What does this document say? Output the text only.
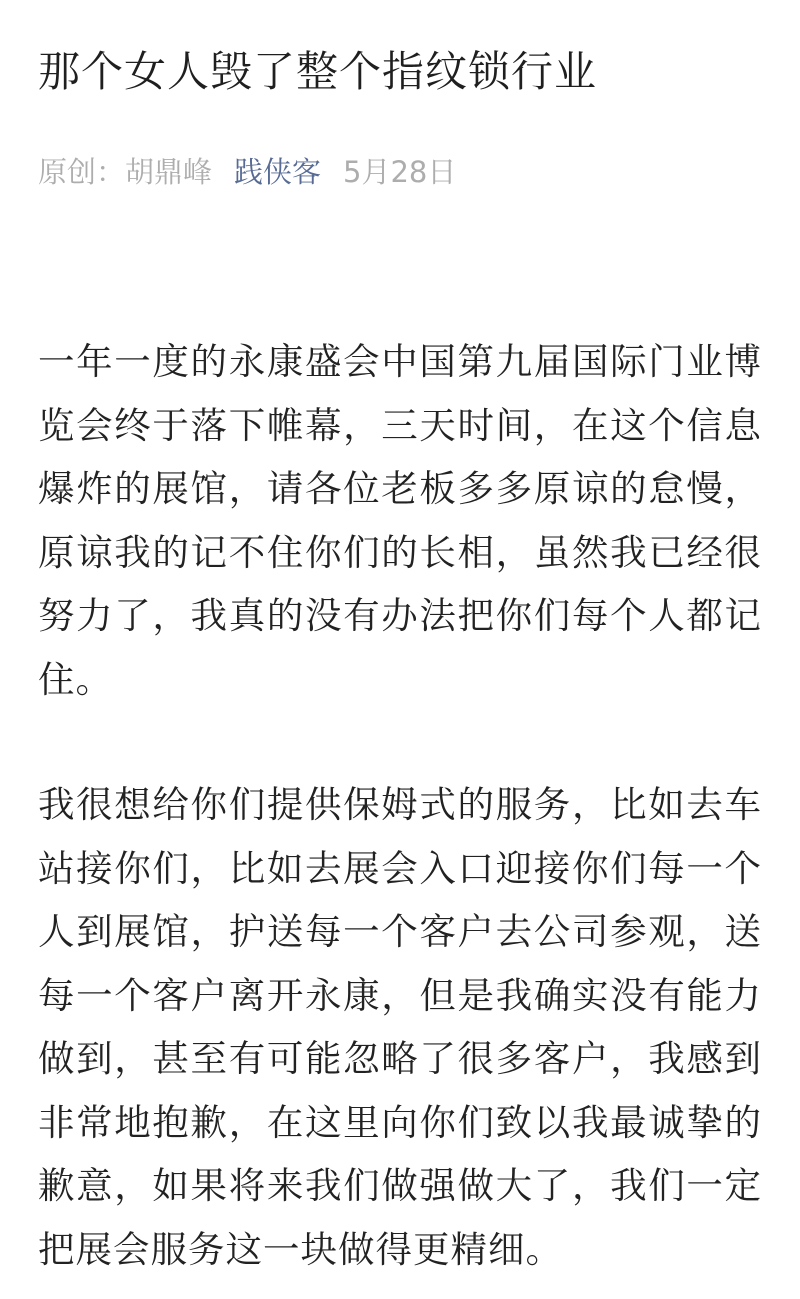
那个女人毁了整个指纹锁行业
原创：胡鼎峰 践侠客 5月28日

一年一度的永康盛会中国第九届国际门业博览会终于落下帷幕，三天时间，在这个信息爆炸的展馆，请各位老板多多原谅的怠慢，原谅我的记不住你们的长相，虽然我已经很努力了，我真的没有办法把你们每个人都记住。

我很想给你们提供保姆式的服务，比如去车站接你们，比如去展会入口迎接你们每一个人到展馆，护送每一个客户去公司参观，送每一个客户离开永康，但是我确实没有能力做到，甚至有可能忽略了很多客户，我感到非常地抱歉，在这里向你们致以我最诚挚的歉意，如果将来我们做强做大了，我们一定把展会服务这一块做得更精细。
